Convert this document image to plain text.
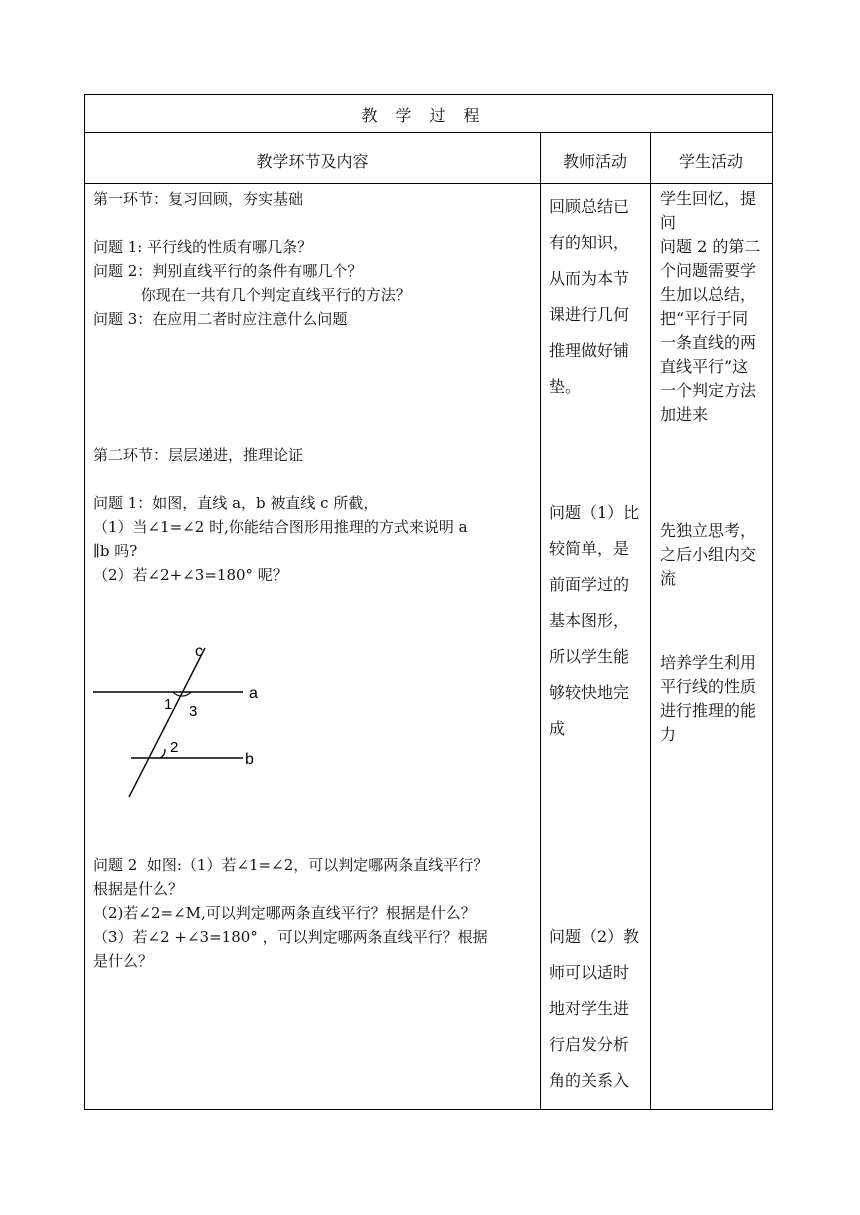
教学过程
教学环节及内容	教师活动	学生活动

第一环节：复习回顾，夯实基础

问题 1: 平行线的性质有哪几条？

问题 2：判别直线平行的条件有哪几个？

你现在一共有几个判定直线平行的方法？

问题 3：在应用二者时应注意什么问题

第二环节：层层递进，推理论证

问题 1：如图，直线 a，b 被直线 c 所截，

（1）当∠1=∠2 时,你能结合图形用推理的方式来说明 a

∥b 吗?

（2）若∠2+∠3=180° 呢？

c
a
b
1 3
2

问题 2  如图:（1）若∠1=∠2，可以判定哪两条直线平行？

根据是什么？

（2)若∠2=∠M,可以判定哪两条直线平行？根据是什么？

（3）若∠2 +∠3=180° ，可以判定哪两条直线平行？根据

是什么？

回顾总结已
有的知识，
从而为本节
课进行几何
推理做好铺
垫。
问题（1）比
较简单，是
前面学过的
基本图形，
所以学生能
够较快地完
成
问题（2）教
师可以适时
地对学生进
行启发分析
角的关系入
学生回忆，提
问
问题 2 的第二
个问题需要学
生加以总结，
把“平行于同
一条直线的两
直线平行”这
一个判定方法
加进来
先独立思考，
之后小组内交
流
培养学生利用
平行线的性质
进行推理的能
力
